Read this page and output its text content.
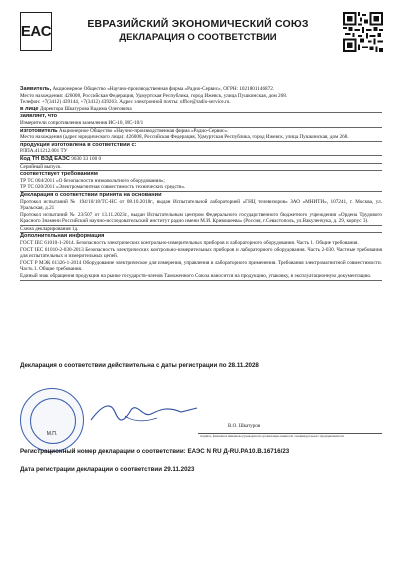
EAC	ЕВРАЗИЙСКИЙ ЭКОНОМИЧЕСКИЙ СОЮЗ
ДЕКЛАРАЦИЯ О СООТВЕТСТВИИ

Заявитель, Акционерное Общество «Научно-производственная фирма «Радио-Сервис», ОГРН: 1021801146872.

Место нахождения: 426008, Российская Федерация, Удмуртская Республика, город Ижевск, улица Пушкинская, дом 268.

Телефон: +7(3412) 439144, +7(3412) 439263. Адрес электронной почты: office@radio-service.ru.

в лице Директора Шкатурова Вадима Олеговича

заявляет, что

Измерители сопротивления заземления ИС-10, ИС-10/1

изготовитель Акционерное Общество «Научно-производственная фирма «Радио-Сервис».

Место нахождения (адрес юридического лица): 426008, Российская Федерация, Удмуртская Республика, город Ижевск, улица Пушкинская, дом 268.

продукция изготовлена в соответствии с:

РЛПА.411212.001 ТУ

Код ТН ВЭД ЕАЭС 9030 33 100 0

Серийный выпуск.

соответствует требованиям

ТР ТС 004/2011 «О безопасности низковольтного оборудования»;

ТР ТС 020/2011 «Электромагнитная совместимость технических средств».

Декларация о соответствии принята на основании

Протокол испытаний № 194/10/18/ТС-НС от 08.10.2018г., выдан Испытательной лабораторией «ГНЦ телевизоров» ЗАО «МНИТИ», 107241, г. Москва, ул. Уральская, д.21

Протокол испытаний № 23/507 от 13.11.2023г., выдан Испытательным центром Федерального государственного бюджетного учреждения «Ордена Трудового Красного Знамени Российский научно-исследовательский институт радио имени М.И. Кривошеева» (Россия, г.Севастополь, ул.Вакуленчука, д. 29, корпус 3).

Схема декларирования 1д.

Дополнительная информация

ГОСТ IEC 61010-1-2014. Безопасность электрических контрольно-измерительных приборов и лабораторного оборудования. Часть 1. Общие требования.

ГОСТ IEC 61010-2-030-2013 Безопасность электрических контрольно-измерительных приборов и лабораторного оборудования. Часть 2-030. Частные требования для испытательных и измерительных цепей.

ГОСТ Р МЭК 61326-1-2014 Оборудование электрическое для измерения, управления и лабораторного применения. Требования электромагнитной совместимости. Часть 1. Общие требования.

Единый знак обращения продукции на рынке государств-членов Таможенного Союза наносится на продукцию, упаковку, в эксплуатационную документацию.

Декларация о соответствии действительна с даты регистрации по 28.11.2028
М.П.
В.О. Шкатуров
подпись, фамилия и инициалы руководителя организации-заявителя / индивидуального предпринимателя
Регистрационный номер декларации о соответствии: ЕАЭС N RU Д-RU.PA10.B.16716/23
Дата регистрации декларации о соответствии 29.11.2023
